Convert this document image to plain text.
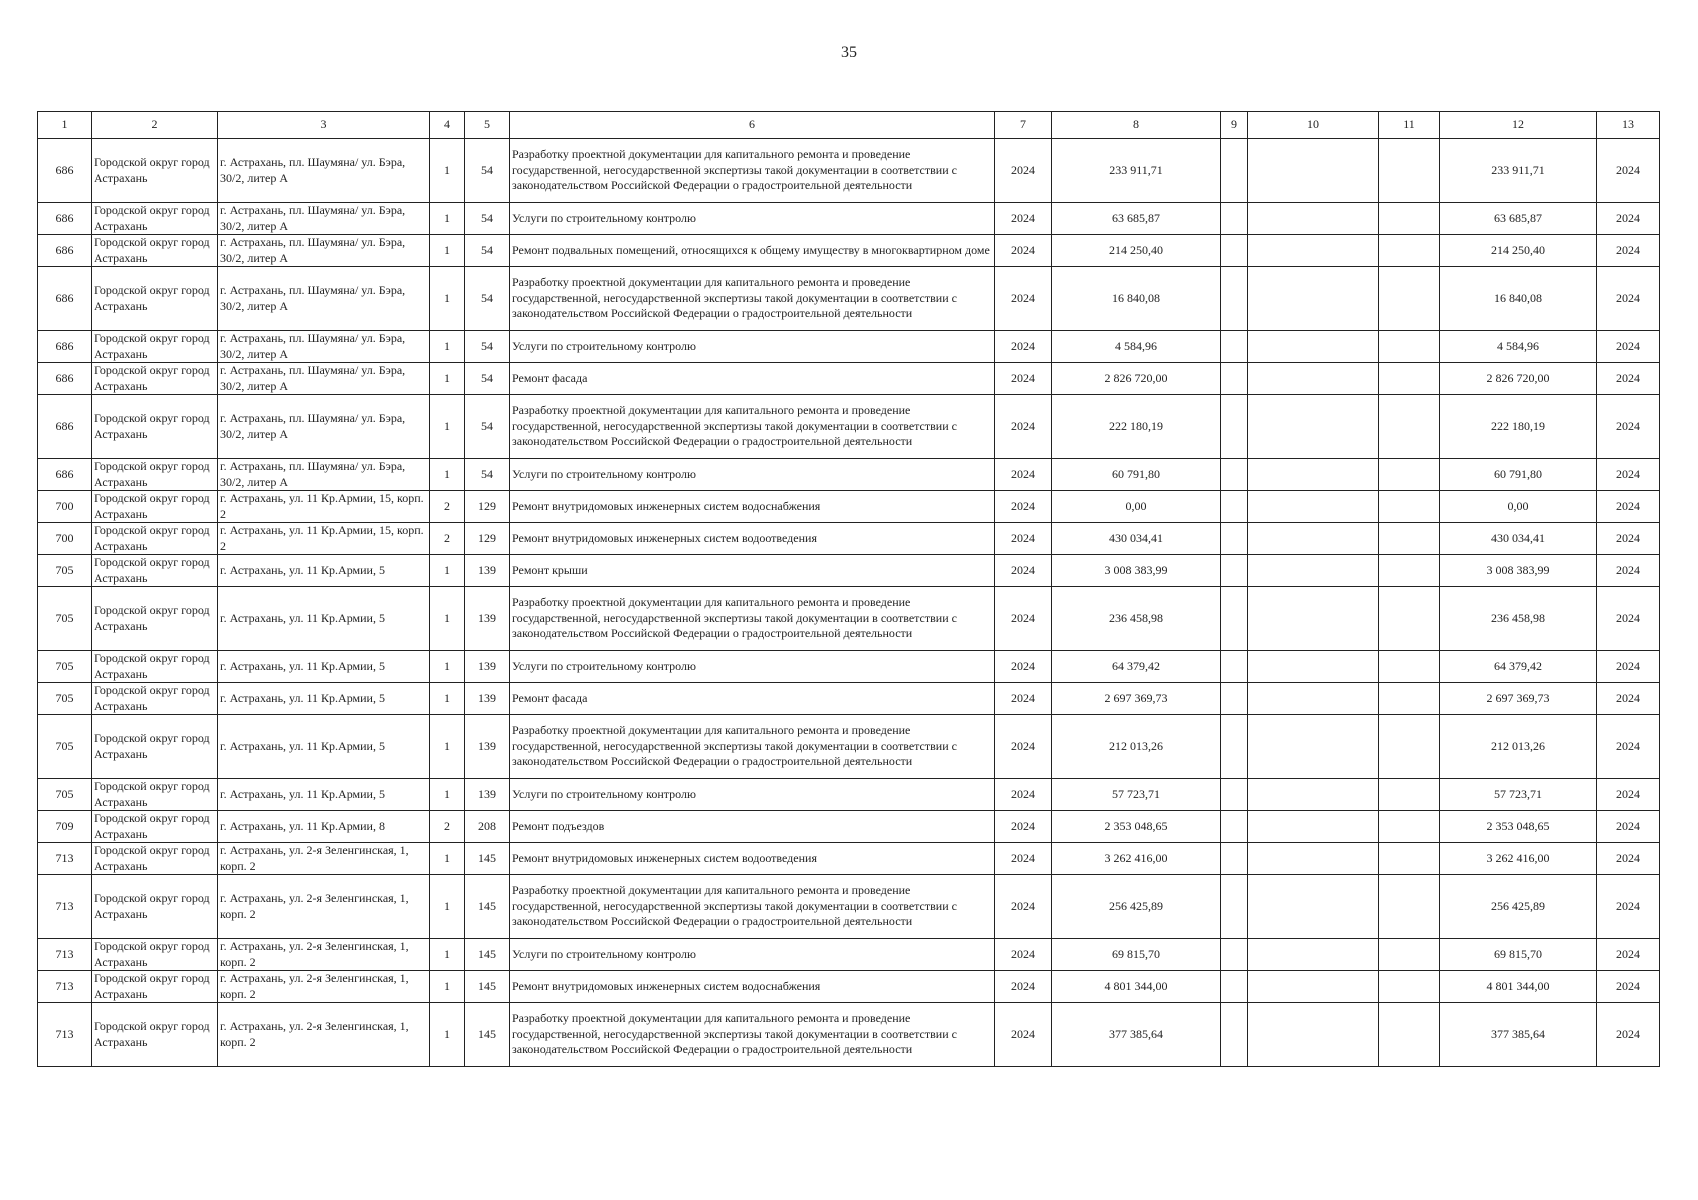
35
1	2	3	4	5	6	7	8	9	10	11	12	13
686	Городской округ город Астрахань	г. Астрахань, пл. Шаумяна/ ул. Бэра, 30/2, литер А	1	54	Разработку проектной документации для капитального ремонта и проведение государственной, негосударственной экспертизы такой документации в соответствии с законодательством Российской Федерации о градостроительной деятельности	2024	233 911,71				233 911,71	2024
686	Городской округ город Астрахань	г. Астрахань, пл. Шаумяна/ ул. Бэра, 30/2, литер А	1	54	Услуги по строительному контролю	2024	63 685,87				63 685,87	2024
686	Городской округ город Астрахань	г. Астрахань, пл. Шаумяна/ ул. Бэра, 30/2, литер А	1	54	Ремонт подвальных помещений, относящихся к общему имуществу в многоквартирном доме	2024	214 250,40				214 250,40	2024
686	Городской округ город Астрахань	г. Астрахань, пл. Шаумяна/ ул. Бэра, 30/2, литер А	1	54	Разработку проектной документации для капитального ремонта и проведение государственной, негосударственной экспертизы такой документации в соответствии с законодательством Российской Федерации о градостроительной деятельности	2024	16 840,08				16 840,08	2024
686	Городской округ город Астрахань	г. Астрахань, пл. Шаумяна/ ул. Бэра, 30/2, литер А	1	54	Услуги по строительному контролю	2024	4 584,96				4 584,96	2024
686	Городской округ город Астрахань	г. Астрахань, пл. Шаумяна/ ул. Бэра, 30/2, литер А	1	54	Ремонт фасада	2024	2 826 720,00				2 826 720,00	2024
686	Городской округ город Астрахань	г. Астрахань, пл. Шаумяна/ ул. Бэра, 30/2, литер А	1	54	Разработку проектной документации для капитального ремонта и проведение государственной, негосударственной экспертизы такой документации в соответствии с законодательством Российской Федерации о градостроительной деятельности	2024	222 180,19				222 180,19	2024
686	Городской округ город Астрахань	г. Астрахань, пл. Шаумяна/ ул. Бэра, 30/2, литер А	1	54	Услуги по строительному контролю	2024	60 791,80				60 791,80	2024
700	Городской округ город Астрахань	г. Астрахань, ул. 11 Кр.Армии, 15, корп. 2	2	129	Ремонт внутридомовых инженерных систем водоснабжения	2024	0,00				0,00	2024
700	Городской округ город Астрахань	г. Астрахань, ул. 11 Кр.Армии, 15, корп. 2	2	129	Ремонт внутридомовых инженерных систем водоотведения	2024	430 034,41				430 034,41	2024
705	Городской округ город Астрахань	г. Астрахань, ул. 11 Кр.Армии, 5	1	139	Ремонт крыши	2024	3 008 383,99				3 008 383,99	2024
705	Городской округ город Астрахань	г. Астрахань, ул. 11 Кр.Армии, 5	1	139	Разработку проектной документации для капитального ремонта и проведение государственной, негосударственной экспертизы такой документации в соответствии с законодательством Российской Федерации о градостроительной деятельности	2024	236 458,98				236 458,98	2024
705	Городской округ город Астрахань	г. Астрахань, ул. 11 Кр.Армии, 5	1	139	Услуги по строительному контролю	2024	64 379,42				64 379,42	2024
705	Городской округ город Астрахань	г. Астрахань, ул. 11 Кр.Армии, 5	1	139	Ремонт фасада	2024	2 697 369,73				2 697 369,73	2024
705	Городской округ город Астрахань	г. Астрахань, ул. 11 Кр.Армии, 5	1	139	Разработку проектной документации для капитального ремонта и проведение государственной, негосударственной экспертизы такой документации в соответствии с законодательством Российской Федерации о градостроительной деятельности	2024	212 013,26				212 013,26	2024
705	Городской округ город Астрахань	г. Астрахань, ул. 11 Кр.Армии, 5	1	139	Услуги по строительному контролю	2024	57 723,71				57 723,71	2024
709	Городской округ город Астрахань	г. Астрахань, ул. 11 Кр.Армии, 8	2	208	Ремонт подъездов	2024	2 353 048,65				2 353 048,65	2024
713	Городской округ город Астрахань	г. Астрахань, ул. 2-я Зеленгинская, 1, корп. 2	1	145	Ремонт внутридомовых инженерных систем водоотведения	2024	3 262 416,00				3 262 416,00	2024
713	Городской округ город Астрахань	г. Астрахань, ул. 2-я Зеленгинская, 1, корп. 2	1	145	Разработку проектной документации для капитального ремонта и проведение государственной, негосударственной экспертизы такой документации в соответствии с законодательством Российской Федерации о градостроительной деятельности	2024	256 425,89				256 425,89	2024
713	Городской округ город Астрахань	г. Астрахань, ул. 2-я Зеленгинская, 1, корп. 2	1	145	Услуги по строительному контролю	2024	69 815,70				69 815,70	2024
713	Городской округ город Астрахань	г. Астрахань, ул. 2-я Зеленгинская, 1, корп. 2	1	145	Ремонт внутридомовых инженерных систем водоснабжения	2024	4 801 344,00				4 801 344,00	2024
713	Городской округ город Астрахань	г. Астрахань, ул. 2-я Зеленгинская, 1, корп. 2	1	145	Разработку проектной документации для капитального ремонта и проведение государственной, негосударственной экспертизы такой документации в соответствии с законодательством Российской Федерации о градостроительной деятельности	2024	377 385,64				377 385,64	2024
